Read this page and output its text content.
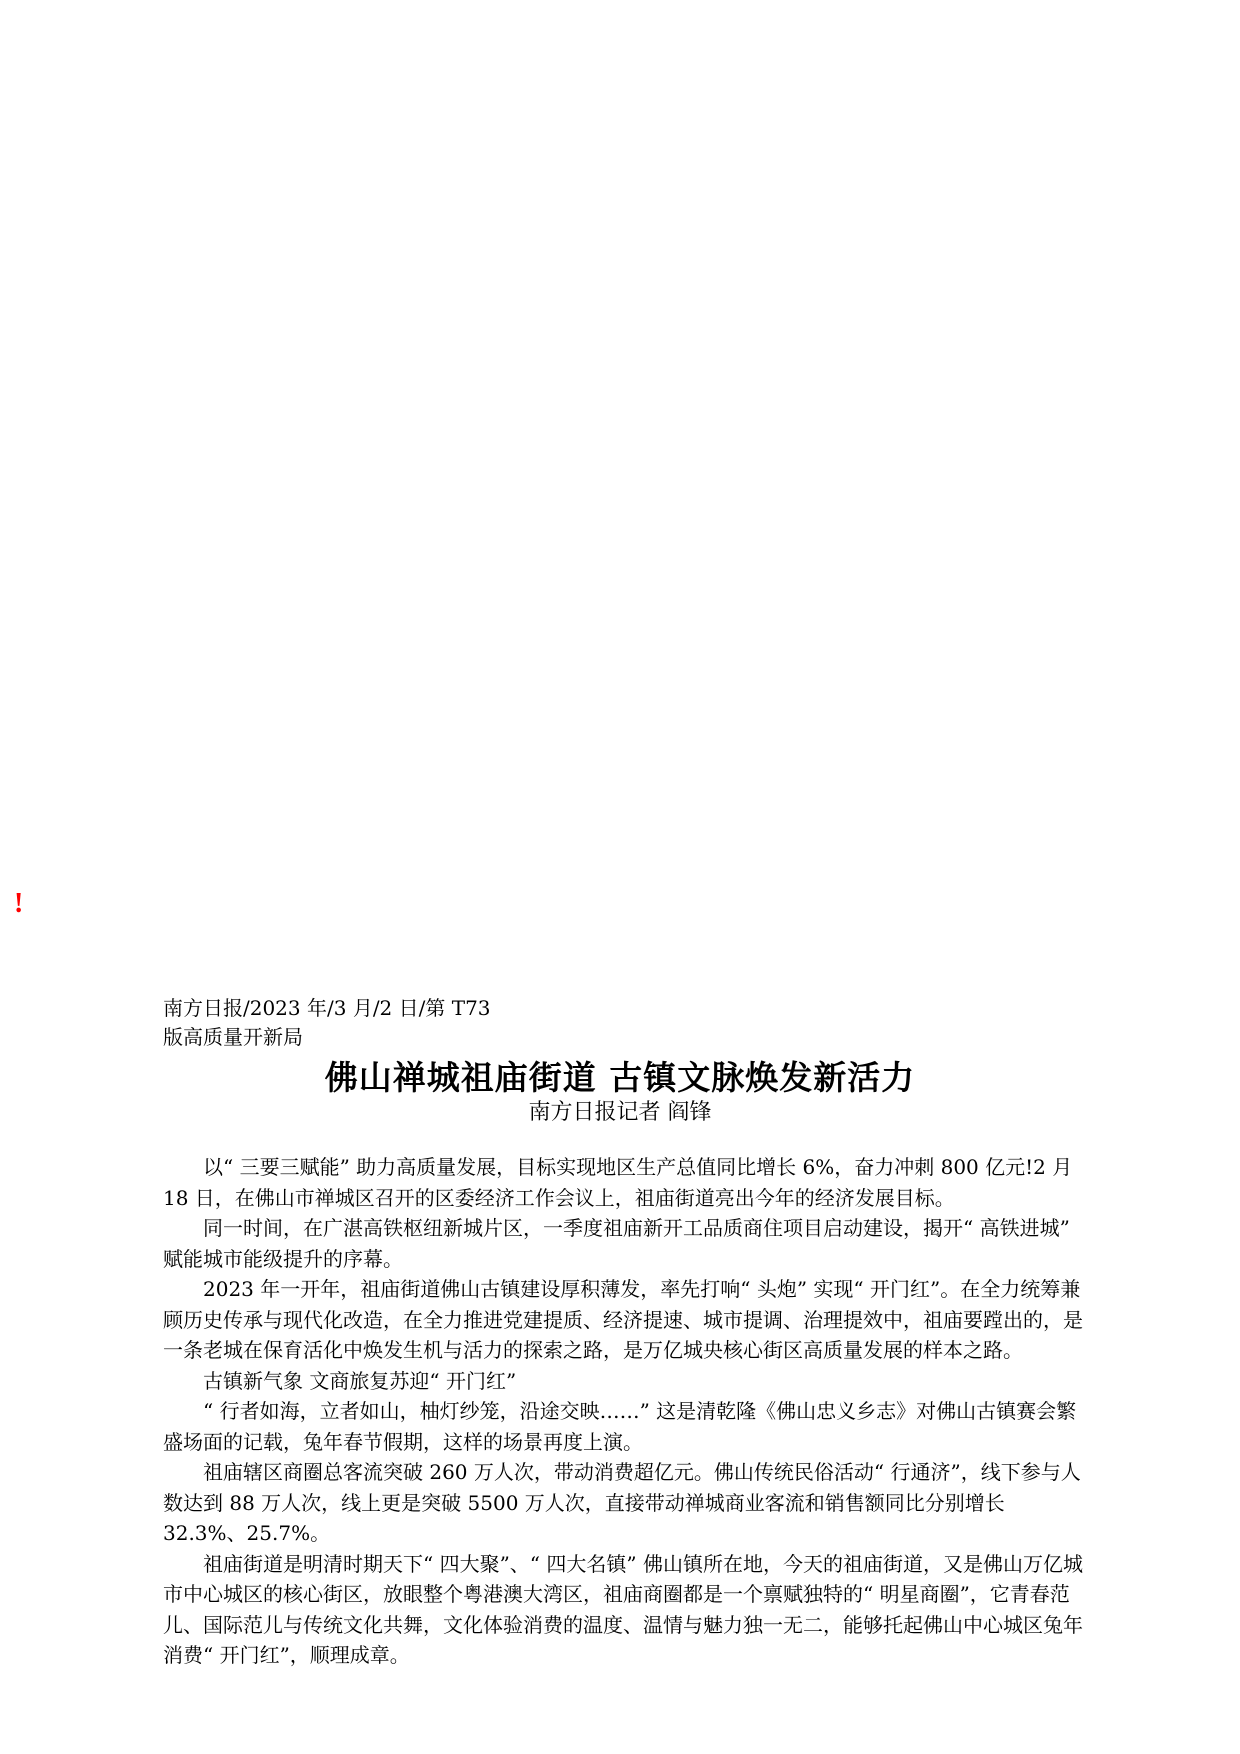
!
南方日报/2023 年/3 月/2 日/第 T73
版高质量开新局
佛山禅城祖庙街道 古镇文脉焕发新活力
南方日报记者 阎锋

以“ 三要三赋能” 助力高质量发展，目标实现地区生产总值同比增长 6%，奋力冲刺 800 亿元!2 月 18 日，在佛山市禅城区召开的区委经济工作会议上，祖庙街道亮出今年的经济发展目标。

同一时间，在广湛高铁枢纽新城片区，一季度祖庙新开工品质商住项目启动建设，揭开“ 高铁进城” 赋能城市能级提升的序幕。

2023 年一开年，祖庙街道佛山古镇建设厚积薄发，率先打响“ 头炮” 实现“ 开门红”。在全力统筹兼顾历史传承与现代化改造，在全力推进党建提质、经济提速、城市提调、治理提效中，祖庙要蹚出的，是一条老城在保育活化中焕发生机与活力的探索之路，是万亿城央核心街区高质量发展的样本之路。

古镇新气象 文商旅复苏迎“ 开门红”

“ 行者如海，立者如山，柚灯纱笼，沿途交映……” 这是清乾隆《佛山忠义乡志》对佛山古镇赛会繁盛场面的记载，兔年春节假期，这样的场景再度上演。

祖庙辖区商圈总客流突破 260 万人次，带动消费超亿元。佛山传统民俗活动“ 行通济”，线下参与人数达到 88 万人次，线上更是突破 5500 万人次，直接带动禅城商业客流和销售额同比分别增长 32.3%、25.7%。

祖庙街道是明清时期天下“ 四大聚”、“ 四大名镇” 佛山镇所在地，今天的祖庙街道，又是佛山万亿城市中心城区的核心街区，放眼整个粤港澳大湾区，祖庙商圈都是一个禀赋独特的“ 明星商圈”，它青春范儿、国际范儿与传统文化共舞，文化体验消费的温度、温情与魅力独一无二，能够托起佛山中心城区兔年消费“ 开门红”，顺理成章。
